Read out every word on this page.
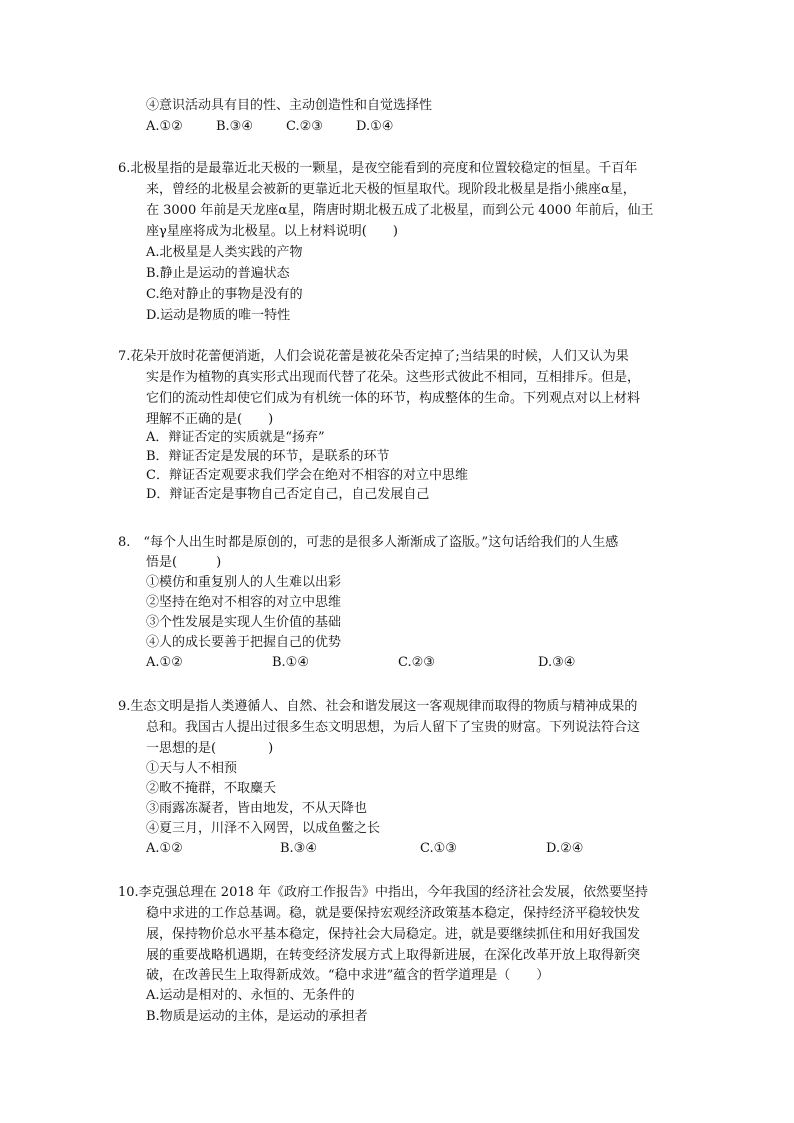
④意识活动具有目的性、主动创造性和自觉选择性
A.①②	B.③④	C.②③	D.①④
6.北极星指的是最靠近北天极的一颗星，是夜空能看到的亮度和位置较稳定的恒星。千百年
来，曾经的北极星会被新的更靠近北天极的恒星取代。现阶段北极星是指小熊座α星，
在 3000 年前是天龙座α星，隋唐时期北极五成了北极星，而到公元 4000 年前后，仙王
座γ星座将成为北极星。以上材料说明(　　)
A.北极星是人类实践的产物
B.静止是运动的普遍状态
C.绝对静止的事物是没有的
D.运动是物质的唯一特性
7.花朵开放时花蕾便消逝，人们会说花蕾是被花朵否定掉了;当结果的时候，人们又认为果
实是作为植物的真实形式出现而代替了花朵。这些形式彼此不相同，互相排斥。但是，
它们的流动性却使它们成为有机统一体的环节，构成整体的生命。下列观点对以上材料
理解不正确的是(　　)
A．辩证否定的实质就是“扬弃”
B．辩证否定是发展的环节，是联系的环节
C．辩证否定观要求我们学会在绝对不相容的对立中思维
D．辩证否定是事物自己否定自己，自己发展自己
8.　“每个人出生时都是原创的，可悲的是很多人渐渐成了盗版。”这句话给我们的人生感
悟是(　　　)
①模仿和重复别人的人生难以出彩
②坚持在绝对不相容的对立中思维
③个性发展是实现人生价值的基础
④人的成长要善于把握自己的优势
A.①②	B.①④	C.②③	D.③④
9.生态文明是指人类遵循人、自然、社会和谐发展这一客观规律而取得的物质与精神成果的
总和。我国古人提出过很多生态文明思想，为后人留下了宝贵的财富。下列说法符合这
一思想的是(　　　　)
①天与人不相预
②畋不掩群，不取麋夭
③雨露冻凝者，皆由地发，不从天降也
④夏三月，川泽不入网罟，以成鱼鳖之长
A.①②	B.③④	C.①③	D.②④
10.李克强总理在 2018 年《政府工作报告》中指出，今年我国的经济社会发展，依然要坚持
稳中求进的工作总基调。稳，就是要保持宏观经济政策基本稳定，保持经济平稳较快发
展，保持物价总水平基本稳定，保持社会大局稳定。进，就是要继续抓住和用好我国发
展的重要战略机遇期，在转变经济发展方式上取得新进展，在深化改革开放上取得新突
破，在改善民生上取得新成效。“稳中求进”蕴含的哲学道理是（　　）
A.运动是相对的、永恒的、无条件的
B.物质是运动的主体，是运动的承担者
